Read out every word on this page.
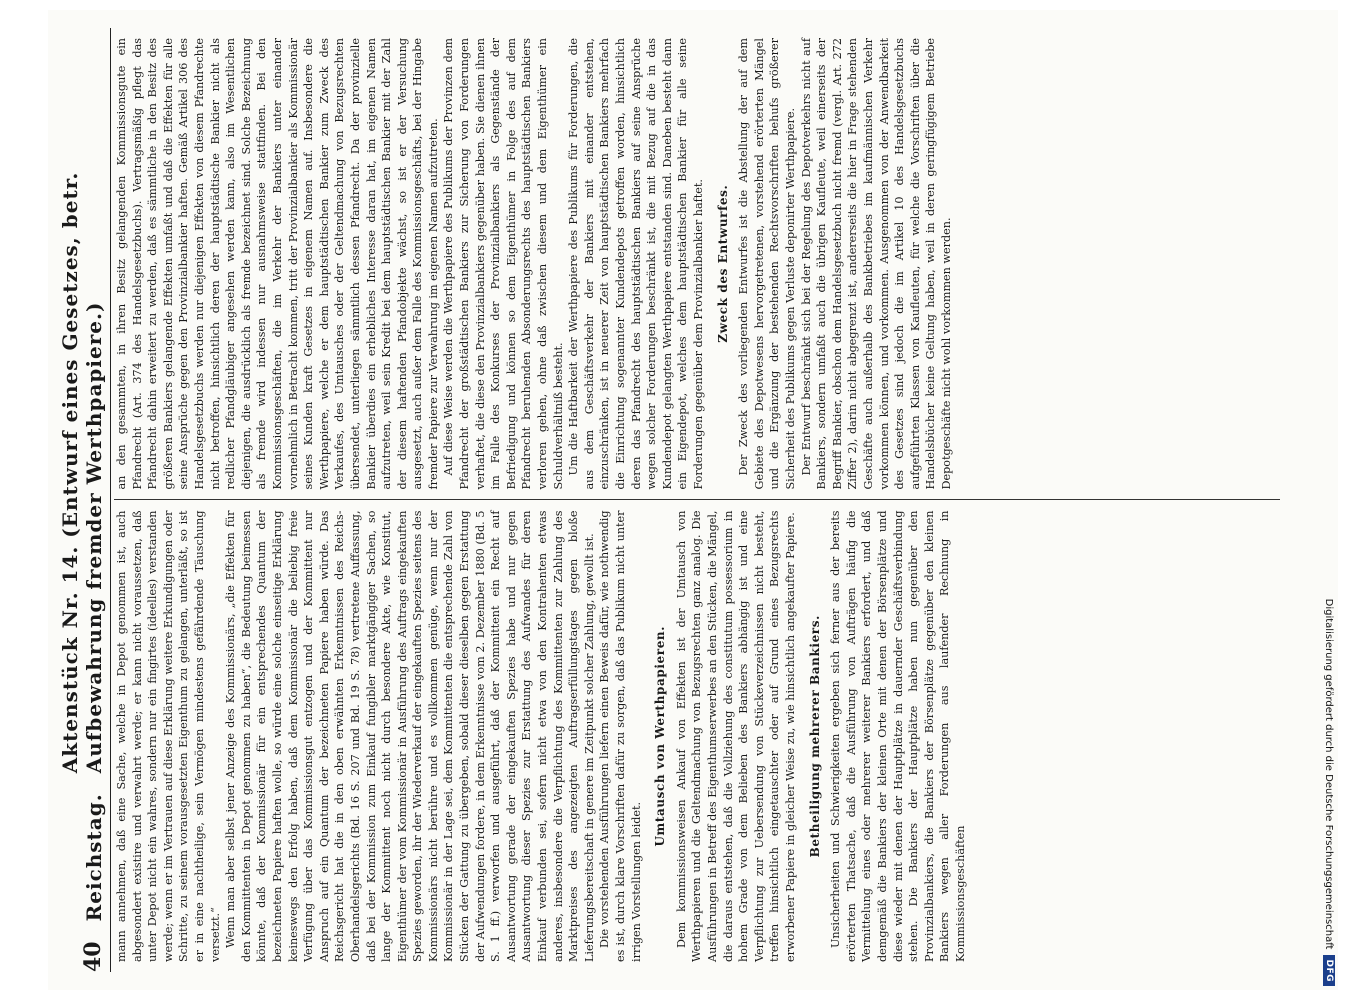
40
Reichstag.
Aktenstück Nr. 14. (Entwurf eines Gesetzes, betr. Aufbewahrung fremder Werthpapiere.) mann annehmen, daß eine Sache, welche in Depot genommen ist, auch abgesondert existire und verwahrt werde; er kann nicht voraussetzen, daß unter Depot nicht ein wahres, sondern nur ein fingirtes (ideelles) verstanden werde; wenn er im Vertrauen auf diese Erklärung weitere Erkundigungen oder Schritte, zu seinem vorausgesetzten Eigenthum zu gelangen, unterläßt, so ist er in eine nachtheilige, sein Vermögen mindestens gefährdende Täuschung versetzt.“ Wenn man aber selbst jener Anzeige des Kommissionärs, „die Effekten für den Kommittenten in Depot genommen zu haben“, die Bedeutung beimessen könnte, daß der Kommissionär für ein entsprechendes Quantum der bezeichneten Papiere haften wolle, so würde eine solche einseitige Erklärung keineswegs den Erfolg haben, daß dem Kommissionär die beliebig freie Verfügung über das Kommissionsgut entzogen und der Kommittent nur Anspruch auf ein Quantum der bezeichneten Papiere haben würde. Das Reichsgericht hat die in den oben erwähnten Erkenntnissen des Reichs-Oberhandelsgerichts (Bd. 16 S. 207 und Bd. 19 S. 78) vertretene Auffassung, daß bei der Kommission zum Einkauf fungibler marktgängiger Sachen, so lange der Kommittent noch nicht durch besondere Akte, wie Konstitut, Eigenthümer der vom Kommissionär in Ausführung des Auftrags eingekauften Spezies geworden, ihr der Wiederverkauf der eingekauften Spezies seitens des Kommissionärs nicht berühre und es vollkommen genüge, wenn nur der Kommissionär in der Lage sei, dem Kommittenten die entsprechende Zahl von Stücken der Gattung zu übergeben, sobald dieser dieselben gegen Erstattung der Aufwendungen fordere, in dem Erkenntnisse vom 2. Dezember 1880 (Bd. 5 S. 1 ff.) verworfen und ausgeführt, daß der Kommittent ein Recht auf Ausantwortung gerade der eingekauften Spezies habe und nur gegen Ausantwortung dieser Spezies zur Erstattung des Aufwandes für deren Einkauf verbunden sei, sofern nicht etwa von den Kontrahenten etwas anderes, insbesondere die Verpflichtung des Kommittenten zur Zahlung des Marktpreises des angezeigten Auftragserfüllungstages gegen bloße Lieferungsbereitschaft in genere im Zeitpunkt solcher Zahlung, gewollt ist. Die vorstehenden Ausführungen liefern einen Beweis dafür, wie nothwendig es ist, durch klare Vorschriften dafür zu sorgen, daß das Publikum nicht unter irrigen Vorstellungen leidet.

Umtausch von Werthpapieren. Dem kommissionsweisen Ankauf von Effekten ist der Umtausch von Werthpapieren und die Geltendmachung von Bezugsrechten ganz analog. Die Ausführungen in Betreff des Eigenthumserwerbes an den Stücken, die Mängel, die daraus entstehen, daß die Vollziehung des constitutum possessorium in hohem Grade von dem Belieben des Bankiers abhängig ist und eine Verpflichtung zur Uebersendung von Stückeverzeichnissen nicht besteht, treffen hinsichtlich eingetauschter oder auf Grund eines Bezugsrechts erworbener Papiere in gleicher Weise zu, wie hinsichtlich angekaufter Papiere. Betheiligung mehrerer Bankiers. Unsicherheiten und Schwierigkeiten ergeben sich ferner aus der bereits erörterten Thatsache, daß die Ausführung von Aufträgen häufig die Vermittelung eines oder mehrerer weiterer Bankiers erfordert, und daß demgemäß die Bankiers der kleinen Orte mit denen der Börsenplätze und diese wieder mit denen der Hauptplätze in dauernder Geschäftsverbindung stehen. Die Bankiers der Hauptplätze haben nun gegenüber den Provinzialbankiers, die Bankiers der Börsenplätze gegenüber den kleinen Bankiers wegen aller Forderungen aus laufender Rechnung in Kommissionsgeschäften

an den gesammten, in ihren Besitz gelangenden Kommissionsgute ein Pfandrecht (Art. 374 des Handelsgesetzbuchs). Vertragsmäßig pflegt das Pfandrecht dahin erweitert zu werden, daß es sämmtliche in den Besitz des größeren Bankiers gelangende Effekten umfaßt und daß die Effekten für alle seine Ansprüche gegen den Provinzialbankier haften. Gemäß Artikel 306 des Handelsgesetzbuchs werden nur diejenigen Effekten von diesem Pfandrechte nicht betroffen, hinsichtlich deren der hauptstädtische Bankier nicht als redlicher Pfandgläubiger angesehen werden kann, also im Wesentlichen diejenigen, die ausdrücklich als fremde bezeichnet sind. Solche Bezeichnung als fremde wird indessen nur ausnahmsweise stattfinden. Bei den Kommissionsgeschäften, die im Verkehr der Bankiers unter einander vornehmlich in Betracht kommen, tritt der Provinzialbankier als Kommissionär seines Kunden kraft Gesetzes in eigenem Namen auf. Insbesondere die Werthpapiere, welche er dem hauptstädtischen Bankier zum Zweck des Verkaufes, des Umtausches oder der Geltendmachung von Bezugsrechten übersendet, unterliegen sämmtlich dessen Pfandrecht. Da der provinzielle Bankier überdies ein erhebliches Interesse daran hat, im eigenen Namen aufzutreten, weil sein Kredit bei dem hauptstädtischen Bankier mit der Zahl der diesem haftenden Pfandobjekte wächst, so ist er der Versuchung ausgesetzt, auch außer dem Falle des Kommissionsgeschäfts, bei der Hingabe fremder Papiere zur Verwahrung im eigenen Namen aufzutreten. Auf diese Weise werden die Werthpapiere des Publikums der Provinzen dem Pfandrecht der großstädtischen Bankiers zur Sicherung von Forderungen verhaftet, die diese den Provinzialbankiers gegenüber haben. Sie dienen ihnen im Falle des Konkurses der Provinzialbankiers als Gegenstände der Befriedigung und können so dem Eigenthümer in Folge des auf dem Pfandrecht beruhenden Absonderungsrechts des hauptstädtischen Bankiers verloren gehen, ohne daß zwischen diesem und dem Eigenthümer ein Schuldverhältniß besteht. Um die Haftbarkeit der Werthpapiere des Publikums für Forderungen, die aus dem Geschäftsverkehr der Bankiers mit einander entstehen, einzuschränken, ist in neuerer Zeit von hauptstädtischen Bankiers mehrfach die Einrichtung sogenannter Kundendepots getroffen worden, hinsichtlich deren das Pfandrecht des hauptstädtischen Bankiers auf seine Ansprüche wegen solcher Forderungen beschränkt ist, die mit Bezug auf die in das Kundendepot gelangten Werthpapiere entstanden sind. Daneben besteht dann ein Eigendepot, welches dem hauptstädtischen Bankier für alle seine Forderungen gegenüber dem Provinzialbankier haftet. Zweck des Entwurfes. Der Zweck des vorliegenden Entwurfes ist die Abstellung der auf dem Gebiete des Depotwesens hervorgetretenen, vorstehend erörterten Mängel und die Ergänzung der bestehenden Rechtsvorschriften behufs größerer Sicherheit des Publikums gegen Verluste deponirter Werthpapiere. Der Entwurf beschränkt sich bei der Regelung des Depotverkehrs nicht auf Bankiers, sondern umfaßt auch die übrigen Kaufleute, weil einerseits der Begriff Bankier, obschon dem Handelsgesetzbuch nicht fremd (vergl. Art. 272 Ziffer 2), darin nicht abgegrenzt ist, andererseits die hier in Frage stehenden Geschäfte auch außerhalb des Bankbetriebes im kaufmännischen Verkehr vorkommen können, und vorkommen. Ausgenommen von der Anwendbarkeit des Gesetzes sind jedoch die im Artikel 10 des Handelsgesetzbuchs aufgeführten Klassen von Kaufleuten, für welche die Vorschriften über die Handelsbücher keine Geltung haben, weil in deren geringfügigem Betriebe Depotgeschäfte nicht wohl vorkommen werden.

Digitalisierung gefördert durch die Deutsche Forschungsgemeinschaft
DFG
